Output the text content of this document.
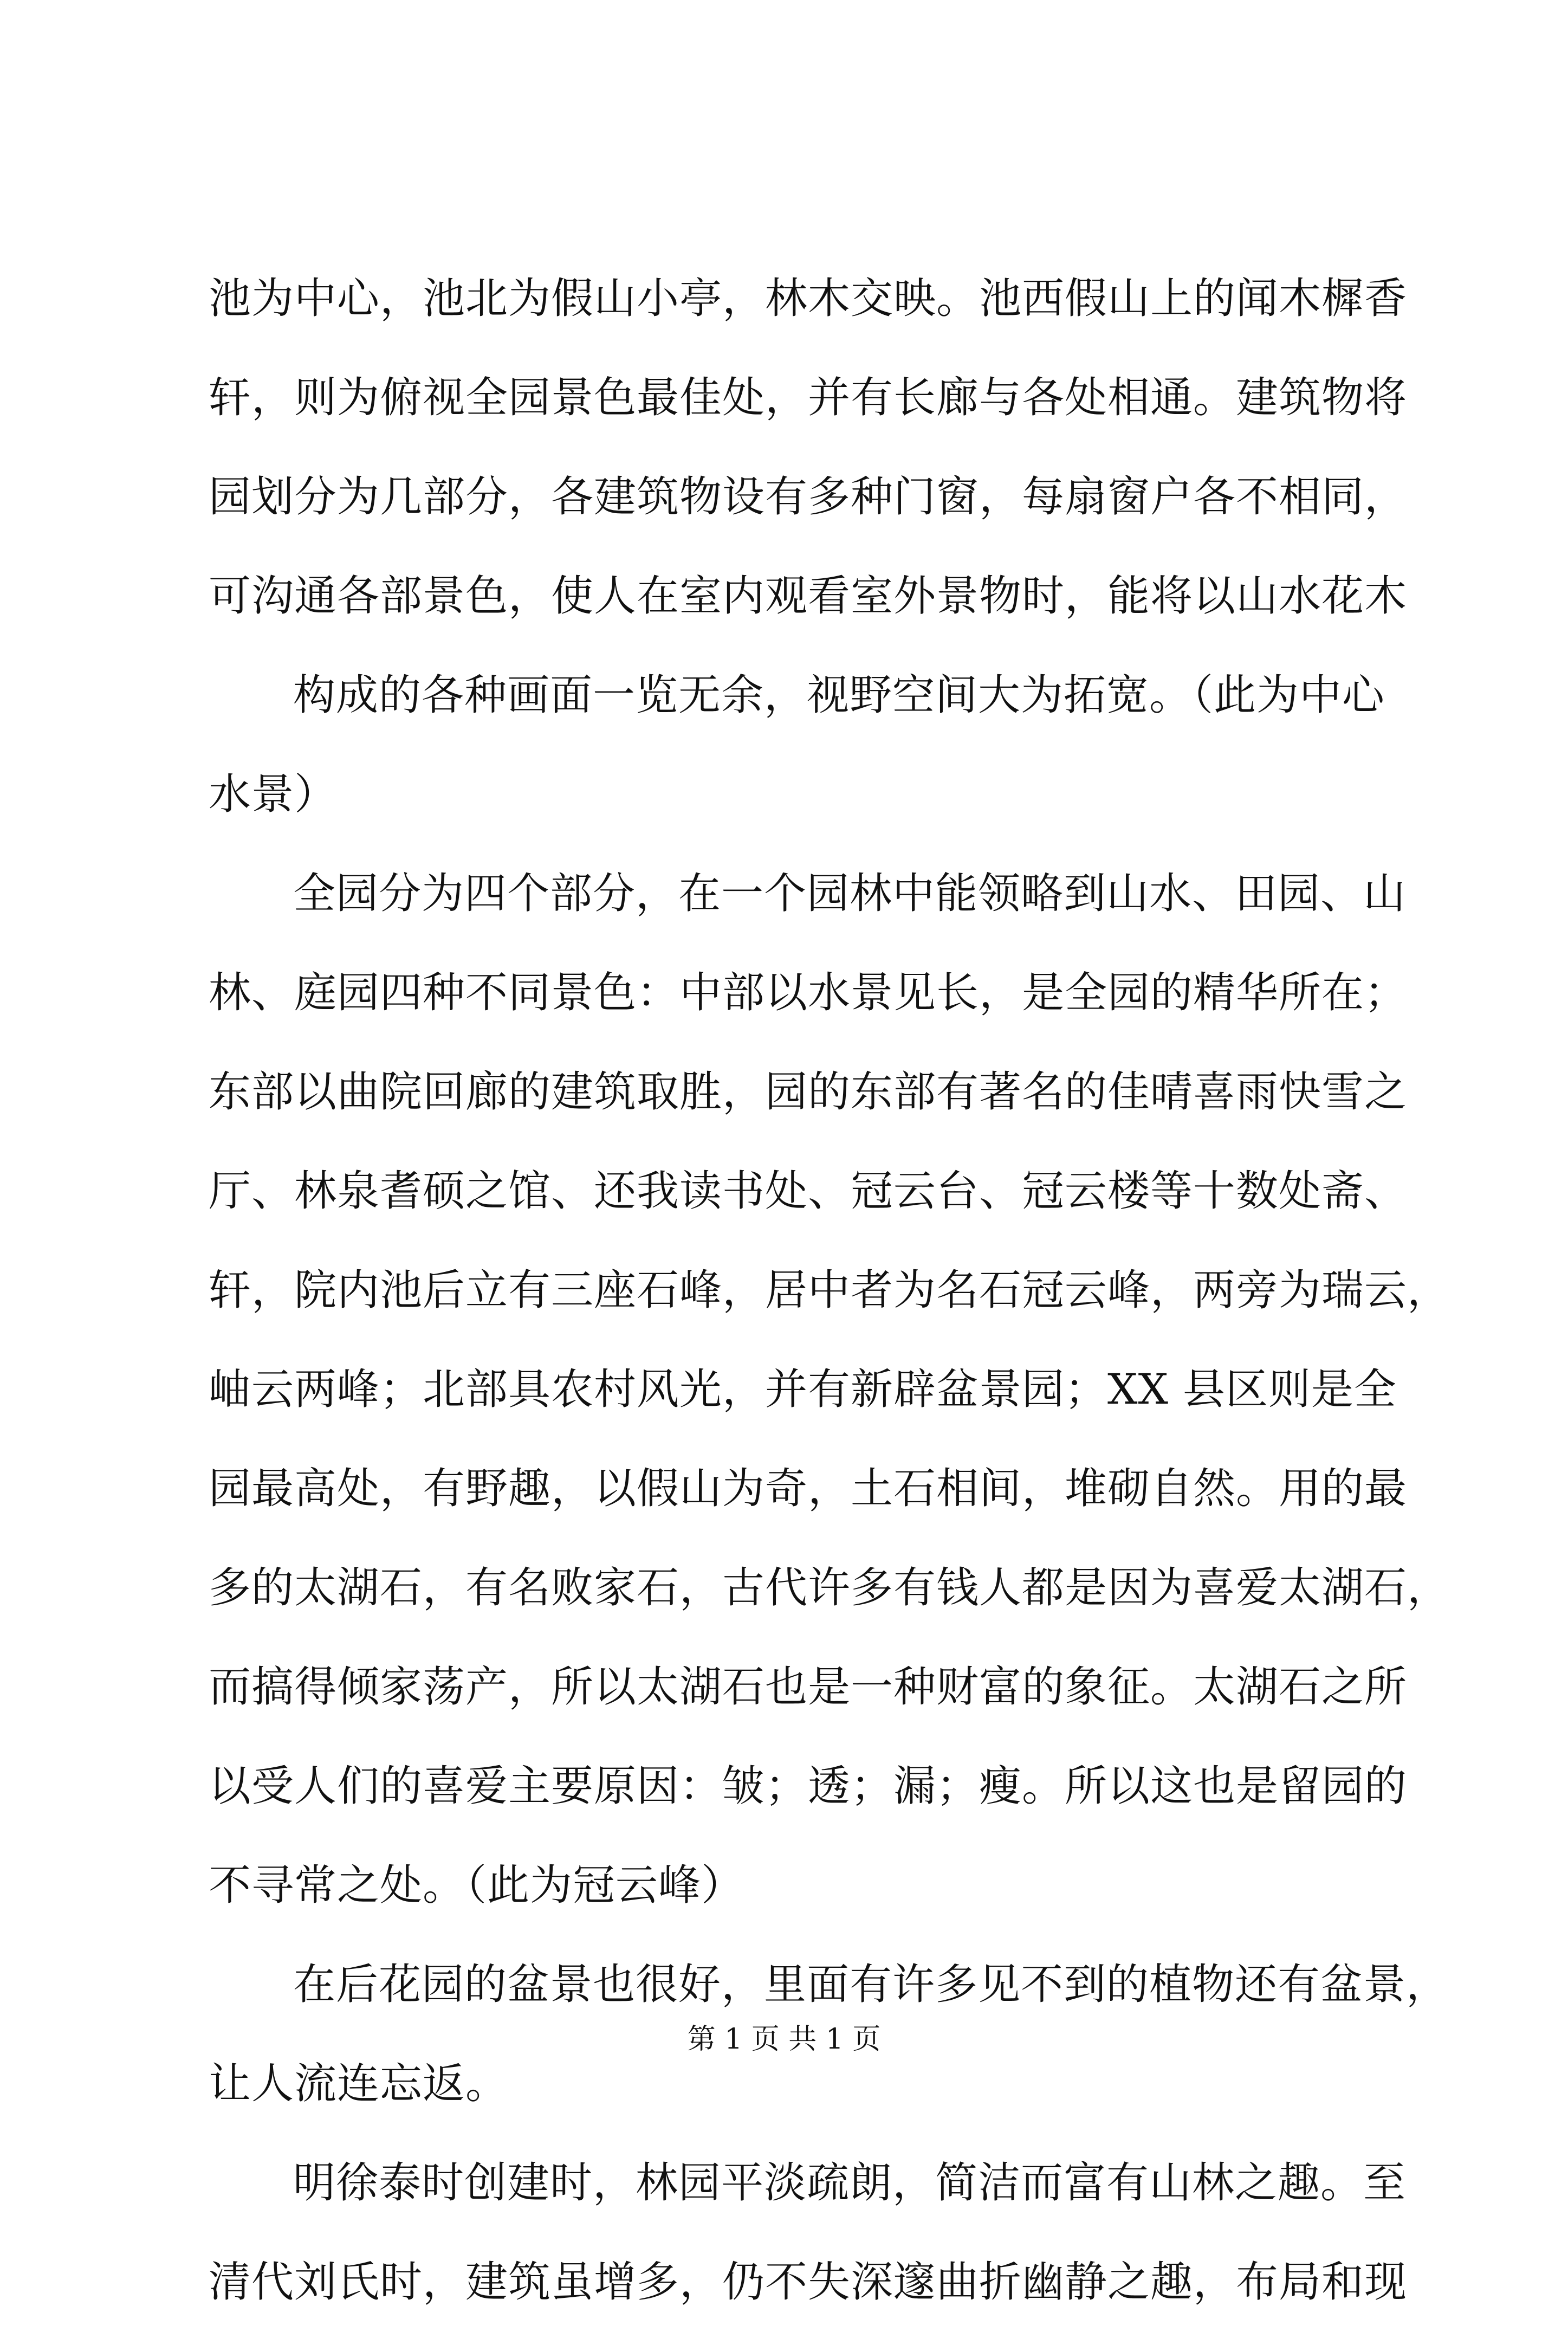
池为中心，池北为假山小亭，林木交映。池西假山上的闻木樨香
轩，则为俯视全园景色最佳处，并有长廊与各处相通。建筑物将
园划分为几部分，各建筑物设有多种门窗，每扇窗户各不相同，
可沟通各部景色，使人在室内观看室外景物时，能将以山水花木
构成的各种画面一览无余，视野空间大为拓宽。（此为中心
水景）
全园分为四个部分，在一个园林中能领略到山水、田园、山
林、庭园四种不同景色：中部以水景见长，是全园的精华所在；
东部以曲院回廊的建筑取胜，园的东部有著名的佳晴喜雨快雪之
厅、林泉耆硕之馆、还我读书处、冠云台、冠云楼等十数处斋、
轩，院内池后立有三座石峰，居中者为名石冠云峰，两旁为瑞云，
岫云两峰；北部具农村风光，并有新辟盆景园；XX 县区则是全
园最高处，有野趣，以假山为奇，土石相间，堆砌自然。用的最
多的太湖石，有名败家石，古代许多有钱人都是因为喜爱太湖石，
而搞得倾家荡产，所以太湖石也是一种财富的象征。太湖石之所
以受人们的喜爱主要原因：皱；透；漏；瘦。所以这也是留园的
不寻常之处。（此为冠云峰）
在后花园的盆景也很好，里面有许多见不到的植物还有盆景，
让人流连忘返。
明徐泰时创建时，林园平淡疏朗，简洁而富有山林之趣。至
清代刘氏时，建筑虽增多，仍不失深邃曲折幽静之趣，布局和现
第 1 页 共 1 页
